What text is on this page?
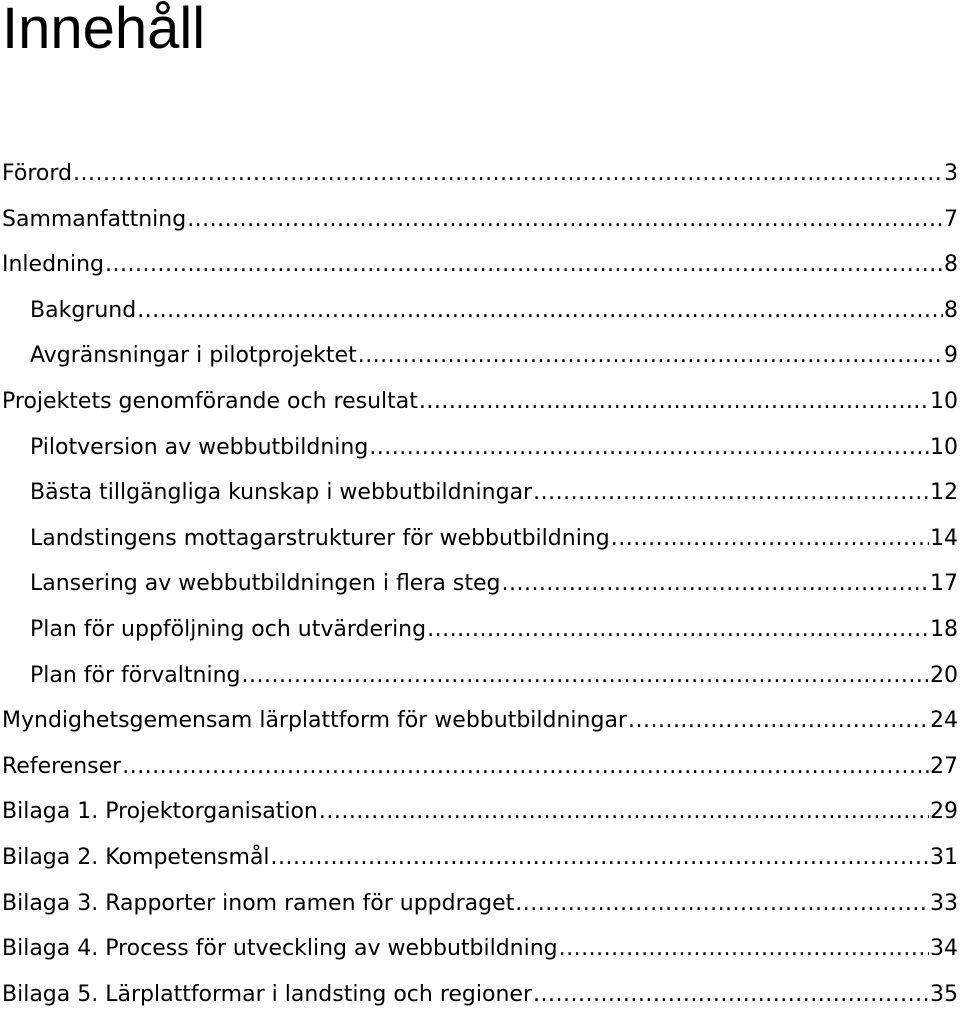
Innehåll
Förord .....	3
Sammanfattning .....	7
Inledning .....	8
Bakgrund .....	8
Avgränsningar i pilotprojektet .....	9
Projektets genomförande och resultat .....	10
Pilotversion av webbutbildning .....	10
Bästa tillgängliga kunskap i webbutbildningar .....	12
Landstingens mottagarstrukturer för webbutbildning .....	14
Lansering av webbutbildningen i flera steg .....	17
Plan för uppföljning och utvärdering .....	18
Plan för förvaltning .....	20
Myndighetsgemensam lärplattform för webbutbildningar .....	24
Referenser .....	27
Bilaga 1. Projektorganisation .....	29
Bilaga 2. Kompetensmål .....	31
Bilaga 3. Rapporter inom ramen för uppdraget .....	33
Bilaga 4. Process för utveckling av webbutbildning .....	34
Bilaga 5. Lärplattformar i landsting och regioner .....	35
